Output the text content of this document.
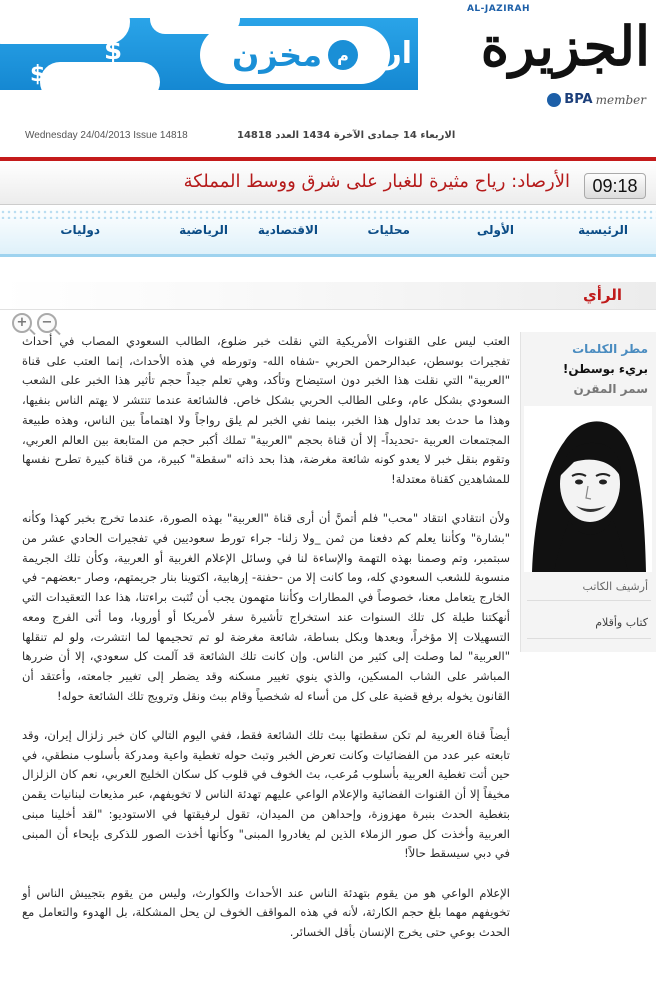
$
$
مخزن م	ار
AL-JAZIRAH
الجزيرة
BPA member
Wednesday 24/04/2013 Issue 14818	الاربعاء 14 جمادى الآخرة 1434 العدد 14818
الأرصاد: رياح مثيرة للغبار على شرق ووسط المملكة	09:18
الرئيسية
الأولى
محليات
الاقتصادية
الرياضية
دوليات
الرأي
+	−

العتب ليس على القنوات الأمريكية التي نقلت خبر ضلوع، الطالب السعودي المصاب في أحداث تفجيرات بوسطن، عبدالرحمن الحربي -شفاه الله- وتورطه في هذه الأحداث، إنما العتب على قناة "العربية" التي نقلت هذا الخبر دون استيضاح وتأكد، وهي تعلم جيداً حجم تأثير هذا الخبر على الشعب السعودي بشكل عام، وعلى الطالب الحربي بشكل خاص. فالشائعة عندما تنتشر لا يهتم الناس بنفيها، وهذا ما حدث بعد تداول هذا الخبر، بينما نفي الخبر لم يلق رواجاً ولا اهتماماً بين الناس، وهذه طبيعة المجتمعات العربية -تحديداً- إلا أن قناة بحجم "العربية" تملك أكبر حجم من المتابعة بين العالم العربي، وتقوم بنقل خبر لا يعدو كونه شائعة مغرضة، هذا بحد ذاته "سقطة" كبيرة، من قناة كبيرة تطرح نفسها للمشاهدين كقناة معتدلة!

ولأن انتقادي انتقاد "محب" فلم أتمنَّ أن أرى قناة "العربية" بهذه الصورة، عندما تخرج بخبر كهذا وكأنه "بشارة" وكأننا يعلم كم دفعنا من ثمن _ولا زلنا- جراء تورط سعوديين في تفجيرات الحادي عشر من سبتمبر، وتم وصمنا بهذه التهمة والإساءة لنا في وسائل الإعلام الغربية أو العربية، وكأن تلك الجريمة منسوبة للشعب السعودي كله، وما كانت إلا من -حفنة- إرهابية، اكتوينا بنار جريمتهم، وصار -بعضهم- في الخارج يتعامل معنا، خصوصاً في المطارات وكأننا متهمون يجب أن تُثبت براءتنا، هذا عدا التعقيدات التي أنهكتنا طيلة كل تلك السنوات عند استخراج تأشيرة سفر لأمريكا أو أوروبا، وما أتى الفرج ومعه التسهيلات إلا مؤخراً، وبعدها وبكل بساطة، شائعة مغرضة لو تم تحجيمها لما انتشرت، ولو لم تنقلها "العربية" لما وصلت إلى كثير من الناس. وإن كانت تلك الشائعة قد آلمت كل سعودي، إلا أن ضررها المباشر على الشاب المسكين، والذي ينوي تغيير مسكنه وقد يضطر إلى تغيير جامعته، وأعتقد أن القانون يخوله برفع قضية على كل من أساء له شخصياً وقام ببث ونقل وترويج تلك الشائعة حوله!

أيضاً قناة العربية لم تكن سقطتها ببث تلك الشائعة فقط، ففي اليوم التالي كان خبر زلزال إيران، وقد تابعته عبر عدد من الفضائيات وكانت تعرض الخبر وتبث حوله تغطية واعية ومدركة بأسلوب منطقي، في حين أتت تغطية العربية بأسلوب مُرعب، بث الخوف في قلوب كل سكان الخليج العربي، نعم كان الزلزال مخيفاً إلا أن القنوات الفضائية والإعلام الواعي عليهم تهدئة الناس لا تخويفهم، عبر مذيعات لبنانيات يقمن بتغطية الحدث بنبرة مهزوزة، وإحداهن من الميدان، تقول لرفيقتها في الاستوديو: "لقد أخلينا مبنى العربية وأخذت كل صور الزملاء الذين لم يغادروا المبنى" وكأنها أخذت الصور للذكرى بإيحاء أن المبنى في دبي سيسقط حالاً!

الإعلام الواعي هو من يقوم بتهدئة الناس عند الأحداث والكوارث، وليس من يقوم بتجييش الناس أو تخويفهم مهما بلغ حجم الكارثة، لأنه في هذه المواقف الخوف لن يحل المشكلة، بل الهدوء والتعامل مع الحدث بوعي حتى يخرج الإنسان بأقل الخسائر.

مطر الكلمات
بريء بوسطن!
سمر المقرن
أرشيف الكاتب
كتاب وأقلام
